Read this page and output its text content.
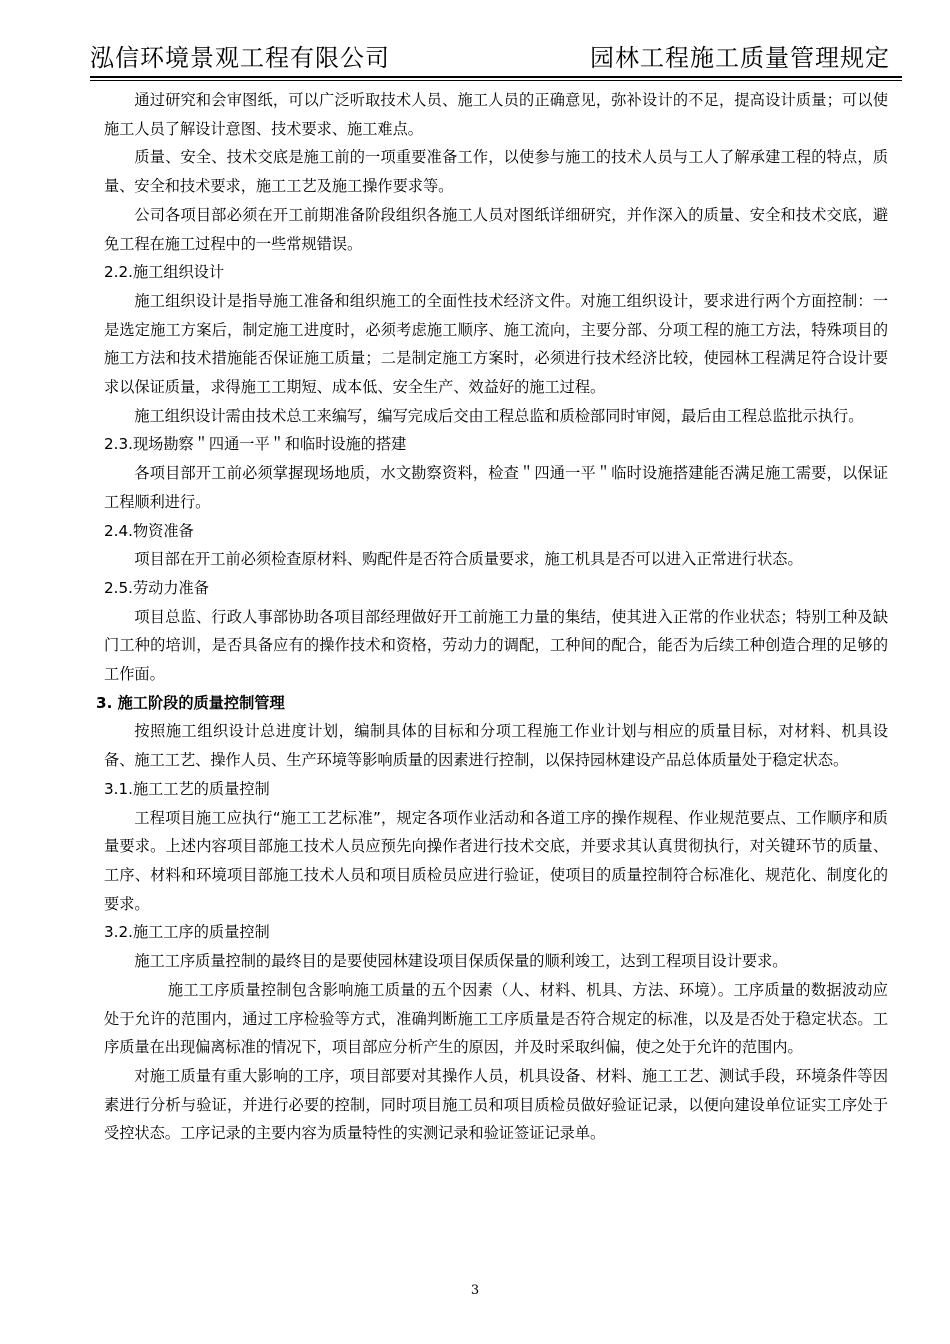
泓信环境景观工程有限公司	园林工程施工质量管理规定

通过研究和会审图纸，可以广泛听取技术人员、施工人员的正确意见，弥补设计的不足，提高设计质量；可以使施工人员了解设计意图、技术要求、施工难点。

质量、安全、技术交底是施工前的一项重要准备工作，以使参与施工的技术人员与工人了解承建工程的特点，质量、安全和技术要求，施工工艺及施工操作要求等。

公司各项目部必须在开工前期准备阶段组织各施工人员对图纸详细研究，并作深入的质量、安全和技术交底，避免工程在施工过程中的一些常规错误。

2.2.施工组织设计

施工组织设计是指导施工准备和组织施工的全面性技术经济文件。对施工组织设计，要求进行两个方面控制：一是选定施工方案后，制定施工进度时，必须考虑施工顺序、施工流向，主要分部、分项工程的施工方法，特殊项目的施工方法和技术措施能否保证施工质量；二是制定施工方案时，必须进行技术经济比较，使园林工程满足符合设计要求以保证质量，求得施工工期短、成本低、安全生产、效益好的施工过程。

施工组织设计需由技术总工来编写，编写完成后交由工程总监和质检部同时审阅，最后由工程总监批示执行。

2.3.现场勘察＂四通一平＂和临时设施的搭建

各项目部开工前必须掌握现场地质，水文勘察资料，检查＂四通一平＂临时设施搭建能否满足施工需要，以保证工程顺利进行。

2.4.物资准备

项目部在开工前必须检查原材料、购配件是否符合质量要求，施工机具是否可以进入正常进行状态。

2.5.劳动力准备

项目总监、行政人事部协助各项目部经理做好开工前施工力量的集结，使其进入正常的作业状态；特别工种及缺门工种的培训，是否具备应有的操作技术和资格，劳动力的调配，工种间的配合，能否为后续工种创造合理的足够的工作面。

3. 施工阶段的质量控制管理

按照施工组织设计总进度计划，编制具体的目标和分项工程施工作业计划与相应的质量目标，对材料、机具设备、施工工艺、操作人员、生产环境等影响质量的因素进行控制，以保持园林建设产品总体质量处于稳定状态。

3.1.施工工艺的质量控制

工程项目施工应执行“施工工艺标准”，规定各项作业活动和各道工序的操作规程、作业规范要点、工作顺序和质量要求。上述内容项目部施工技术人员应预先向操作者进行技术交底，并要求其认真贯彻执行，对关键环节的质量、工序、材料和环境项目部施工技术人员和项目质检员应进行验证，使项目的质量控制符合标准化、规范化、制度化的要求。

3.2.施工工序的质量控制

施工工序质量控制的最终目的是要使园林建设项目保质保量的顺利竣工，达到工程项目设计要求。

施工工序质量控制包含影响施工质量的五个因素（人、材料、机具、方法、环境）。工序质量的数据波动应处于允许的范围内，通过工序检验等方式，准确判断施工工序质量是否符合规定的标准，以及是否处于稳定状态。工序质量在出现偏离标准的情况下，项目部应分析产生的原因，并及时采取纠偏，使之处于允许的范围内。

对施工质量有重大影响的工序，项目部要对其操作人员，机具设备、材料、施工工艺、测试手段，环境条件等因素进行分析与验证，并进行必要的控制，同时项目施工员和项目质检员做好验证记录，以便向建设单位证实工序处于受控状态。工序记录的主要内容为质量特性的实测记录和验证签证记录单。

3
